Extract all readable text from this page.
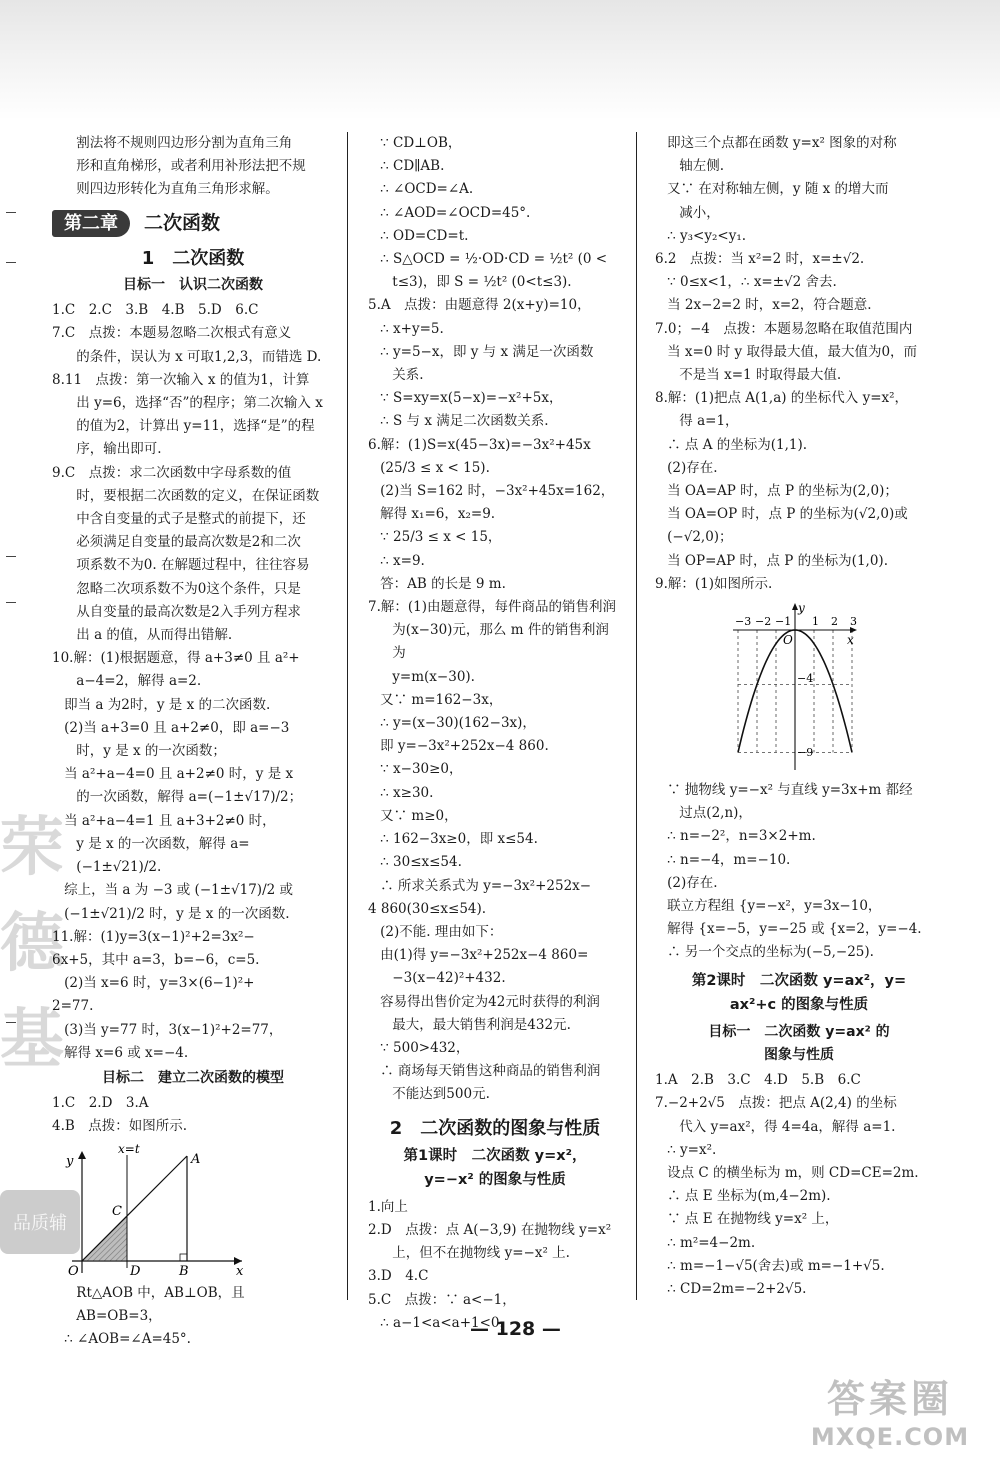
荣德基
品质辅

割法将不规则四边形分割为直角三角

形和直角梯形，或者利用补形法把不规

则四边形转化为直角三角形求解。

第二章	二次函数
1　二次函数
目标一　认识二次函数

1.C　2.C　3.B　4.B　5.D　6.C

7.C　点拨：本题易忽略二次根式有意义

的条件，误认为 x 可取1,2,3，而错选 D.

8.11　点拨：第一次输入 x 的值为1，计算

出 y=6，选择“否”的程序；第二次输入 x

的值为2，计算出 y=11，选择“是”的程

序，输出即可.

9.C　点拨：求二次函数中字母系数的值

时，要根据二次函数的定义，在保证函数

中含自变量的式子是整式的前提下，还

必须满足自变量的最高次数是2和二次

项系数不为0. 在解题过程中，往往容易

忽略二次项系数不为0这个条件，只是

从自变量的最高次数是2入手列方程求

出 a 的值，从而得出错解.

10.解：(1)根据题意，得 a+3≠0 且 a²+

a−4=2，解得 a=2.

即当 a 为2时，y 是 x 的二次函数.

(2)当 a+3=0 且 a+2≠0，即 a=−3

时，y 是 x 的一次函数；

当 a²+a−4=0 且 a+2≠0 时，y 是 x

的一次函数，解得 a=(−1±√17)/2；

当 a²+a−4=1 且 a+3+2≠0 时，

y 是 x 的一次函数，解得 a=(−1±√21)/2.

综上，当 a 为 −3 或 (−1±√17)/2 或

(−1±√21)/2 时，y 是 x 的一次函数.

11.解：(1)y=3(x−1)²+2=3x²−

6x+5，其中 a=3，b=−6，c=5.

(2)当 x=6 时，y=3×(6−1)²+

2=77.

(3)当 y=77 时，3(x−1)²+2=77，

解得 x=6 或 x=−4.

目标二　建立二次函数的模型

1.C　2.D　3.A

4.B　点拨：如图所示.

y
x
x=t
A
B
C
D
O

Rt△AOB 中，AB⊥OB，且 AB=OB=3，

∴ ∠AOB=∠A=45°.

∵ CD⊥OB，

∴ CD∥AB.

∴ ∠OCD=∠A.

∴ ∠AOD=∠OCD=45°.

∴ OD=CD=t.

∴ S△OCD = ½·OD·CD = ½t² (0 <

t≤3)，即 S = ½t² (0<t≤3).

5.A　点拨：由题意得 2(x+y)=10，

∴ x+y=5.

∴ y=5−x，即 y 与 x 满足一次函数

关系.

∵ S=xy=x(5−x)=−x²+5x，

∴ S 与 x 满足二次函数关系.

6.解：(1)S=x(45−3x)=−3x²+45x

(25/3 ≤ x < 15).

(2)当 S=162 时，−3x²+45x=162，

解得 x₁=6，x₂=9.

∵ 25/3 ≤ x < 15，

∴ x=9.

答：AB 的长是 9 m.

7.解：(1)由题意得，每件商品的销售利润

为(x−30)元，那么 m 件的销售利润为

y=m(x−30).

又∵ m=162−3x，

∴ y=(x−30)(162−3x)，

即 y=−3x²+252x−4 860.

∵ x−30≥0，

∴ x≥30.

又∵ m≥0，

∴ 162−3x≥0，即 x≤54.

∴ 30≤x≤54.

∴ 所求关系式为 y=−3x²+252x−

4 860(30≤x≤54).

(2)不能. 理由如下：

由(1)得 y=−3x²+252x−4 860=

−3(x−42)²+432.

容易得出售价定为42元时获得的利润

最大，最大销售利润是432元.

∵ 500>432，

∴ 商场每天销售这种商品的销售利润

不能达到500元.

2　二次函数的图象与性质
第1课时　二次函数 y=x²，
y=−x² 的图象与性质

1.向上

2.D　点拨：点 A(−3,9) 在抛物线 y=x²

上，但不在抛物线 y=−x² 上.

3.D　4.C

5.C　点拨：∵ a<−1，

∴ a−1<a<a+1<0，

即这三个点都在函数 y=x² 图象的对称

轴左侧.

又∵ 在对称轴左侧，y 随 x 的增大而

减小，

∴ y₃<y₂<y₁.

6.2　点拨：当 x²=2 时，x=±√2.

∵ 0≤x<1，∴ x=±√2 舍去.

当 2x−2=2 时，x=2，符合题意.

7.0；−4　点拨：本题易忽略在取值范围内

当 x=0 时 y 取得最大值，最大值为0，而

不是当 x=1 时取得最大值.

8.解：(1)把点 A(1,a) 的坐标代入 y=x²，

得 a=1，

∴ 点 A 的坐标为(1,1).

(2)存在.

当 OA=AP 时，点 P 的坐标为(2,0)；

当 OA=OP 时，点 P 的坐标为(√2,0)或

(−√2,0)；

当 OP=AP 时，点 P 的坐标为(1,0).

9.解：(1)如图所示.

y
x
O
−3 −2 −1 1 2 3
−4
−9

∵ 抛物线 y=−x² 与直线 y=3x+m 都经

过点(2,n)，

∴ n=−2²，n=3×2+m.

∴ n=−4，m=−10.

(2)存在.

联立方程组 {y=−x²，y=3x−10，

解得 {x=−5，y=−25 或 {x=2，y=−4.

∴ 另一个交点的坐标为(−5,−25).

第2课时　二次函数 y=ax²，y=
ax²+c 的图象与性质
目标一　二次函数 y=ax² 的
图象与性质

1.A　2.B　3.C　4.D　5.B　6.C

7.−2+2√5　点拨：把点 A(2,4) 的坐标

代入 y=ax²，得 4=4a，解得 a=1.

∴ y=x².

设点 C 的横坐标为 m，则 CD=CE=2m.

∴ 点 E 坐标为(m,4−2m).

∵ 点 E 在抛物线 y=x² 上，

∴ m²=4−2m.

∴ m=−1−√5(舍去)或 m=−1+√5.

∴ CD=2m=−2+2√5.

— 128 —
答案圈
MXQE.COM
